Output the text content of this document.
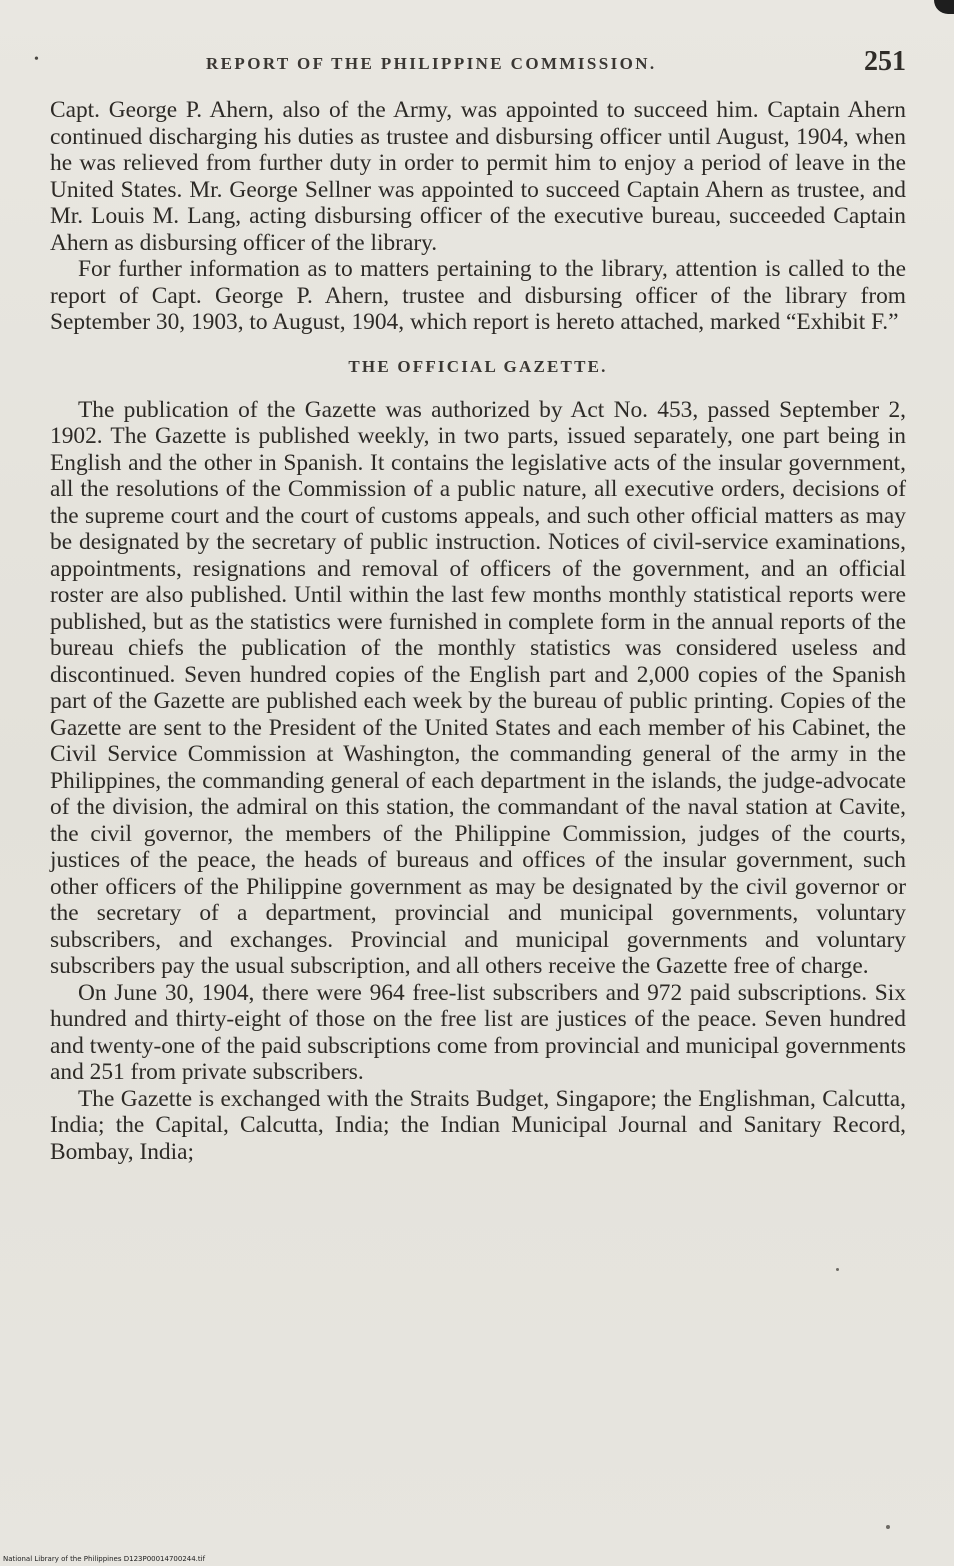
•	REPORT OF THE PHILIPPINE COMMISSION.	251

Capt. George P. Ahern, also of the Army, was appointed to succeed him. Captain Ahern continued discharging his duties as trustee and disbursing officer until August, 1904, when he was relieved from further duty in order to permit him to enjoy a period of leave in the United States. Mr. George Sellner was appointed to succeed Captain Ahern as trustee, and Mr. Louis M. Lang, acting disbursing officer of the executive bureau, succeeded Captain Ahern as disbursing officer of the library.

For further information as to matters pertaining to the library, attention is called to the report of Capt. George P. Ahern, trustee and disbursing officer of the library from September 30, 1903, to August, 1904, which report is hereto attached, marked “Exhibit F.”

THE OFFICIAL GAZETTE.

The publication of the Gazette was authorized by Act No. 453, passed September 2, 1902. The Gazette is published weekly, in two parts, issued separately, one part being in English and the other in Spanish. It contains the legislative acts of the insular government, all the resolutions of the Commission of a public nature, all executive orders, decisions of the supreme court and the court of customs appeals, and such other official matters as may be designated by the secretary of public instruction. Notices of civil-service examinations, appointments, resignations and removal of officers of the government, and an official roster are also published. Until within the last few months monthly statistical reports were published, but as the statistics were furnished in complete form in the annual reports of the bureau chiefs the publication of the monthly statistics was considered useless and discontinued. Seven hundred copies of the English part and 2,000 copies of the Spanish part of the Gazette are published each week by the bureau of public printing. Copies of the Gazette are sent to the President of the United States and each member of his Cabinet, the Civil Service Commission at Washington, the commanding general of the army in the Philippines, the commanding general of each department in the islands, the judge-advocate of the division, the admiral on this station, the commandant of the naval station at Cavite, the civil governor, the members of the Philippine Commission, judges of the courts, justices of the peace, the heads of bureaus and offices of the insular government, such other officers of the Philippine government as may be designated by the civil governor or the secretary of a department, provincial and municipal governments, voluntary subscribers, and exchanges. Provincial and municipal governments and voluntary subscribers pay the usual subscription, and all others receive the Gazette free of charge.

On June 30, 1904, there were 964 free-list subscribers and 972 paid subscriptions. Six hundred and thirty-eight of those on the free list are justices of the peace. Seven hundred and twenty-one of the paid subscriptions come from provincial and municipal governments and 251 from private subscribers.

The Gazette is exchanged with the Straits Budget, Singapore; the Englishman, Calcutta, India; the Capital, Calcutta, India; the Indian Municipal Journal and Sanitary Record, Bombay, India;

National Library of the Philippines D123P00014700244.tif
